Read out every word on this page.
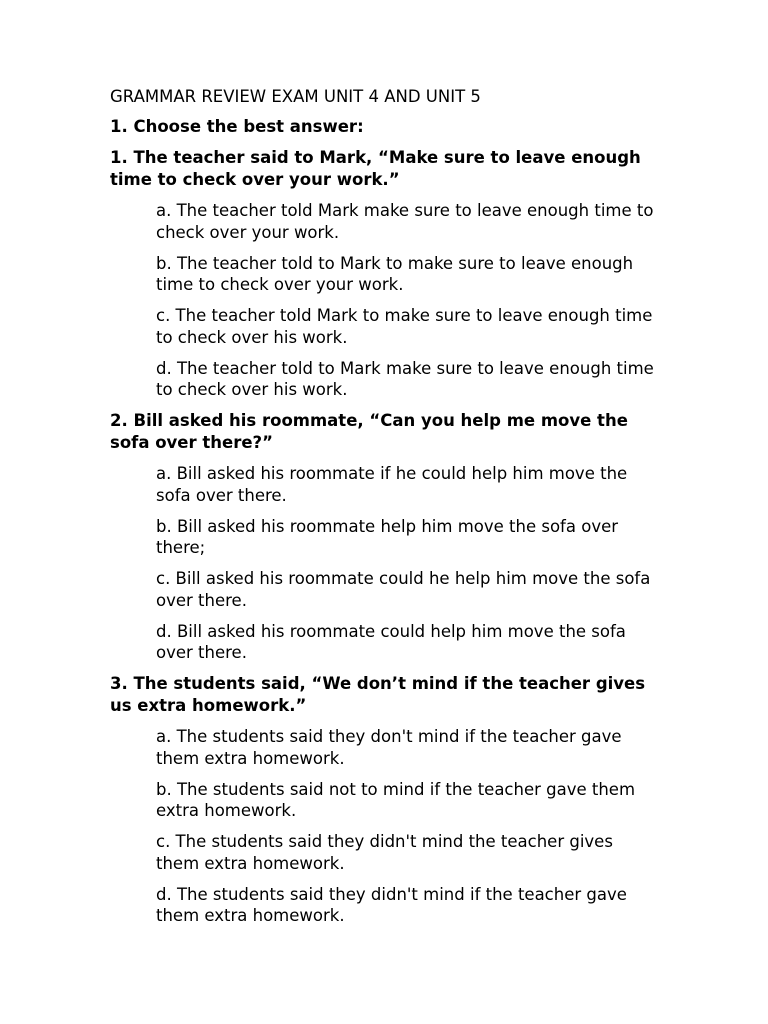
GRAMMAR REVIEW EXAM UNIT 4 AND UNIT 5
1. Choose the best answer:
1. The teacher said to Mark, “Make sure to leave enough time to check over your work.”
a. The teacher told Mark make sure to leave enough time to check over your work.
b. The teacher told to Mark to make sure to leave enough time to check over your work.
c. The teacher told Mark to make sure to leave enough time to check over his work.
d. The teacher told to Mark make sure to leave enough time to check over his work.
2. Bill asked his roommate, “Can you help me move the sofa over there?”
a. Bill asked his roommate if he could help him move the sofa over there.
b. Bill asked his roommate help him move the sofa over there;
c. Bill asked his roommate could he help him move the sofa over there.
d. Bill asked his roommate could help him move the sofa over there.
3. The students said, “We don’t mind if the teacher gives us extra homework.”
a. The students said they don't mind if the teacher gave them extra homework.
b. The students said not to mind if the teacher gave them extra homework.
c. The students said they didn't mind the teacher gives them extra homework.
d. The students said they didn't mind if the teacher gave them extra homework.
